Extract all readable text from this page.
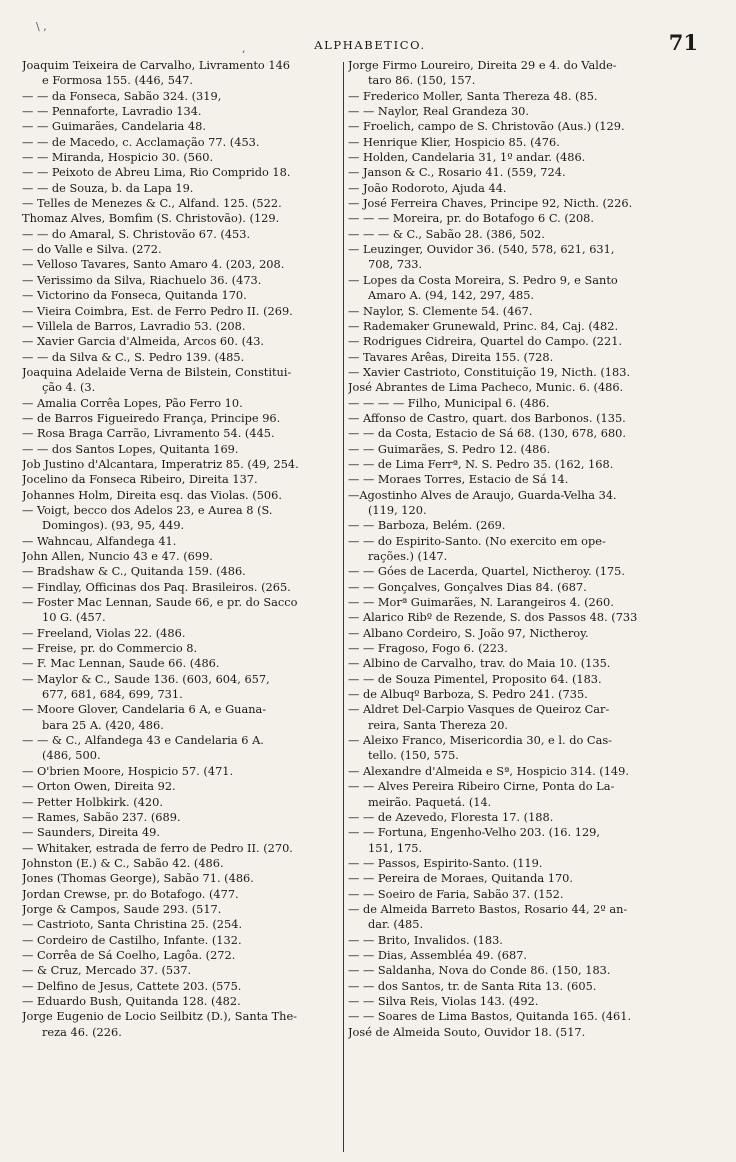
\ ,
,	ALPHABETICO.	71
Joaquim Teixeira de Carvalho, Livramento 146
e Formosa 155. (446, 547.
— — da Fonseca, Sabão 324. (319,
— — Pennaforte, Lavradio 134.
— — Guimarães, Candelaria 48.
— — de Macedo, c. Acclamação 77. (453.
— — Miranda, Hospicio 30. (560.
— — Peixoto de Abreu Lima, Rio Comprido 18.
— — de Souza, b. da Lapa 19.
— Telles de Menezes & C., Alfand. 125. (522.
Thomaz Alves, Bomfim (S. Christovão). (129.
— — do Amaral, S. Christovão 67. (453.
— do Valle e Silva. (272.
— Velloso Tavares, Santo Amaro 4. (203, 208.
— Verissimo da Silva, Riachuelo 36. (473.
— Victorino da Fonseca, Quitanda 170.
— Vieira Coimbra, Est. de Ferro Pedro II. (269.
— Villela de Barros, Lavradio 53. (208.
— Xavier Garcia d'Almeida, Arcos 60. (43.
— — da Silva & C., S. Pedro 139. (485.
Joaquina Adelaide Verna de Bilstein, Constitui-
ção 4. (3.
— Amalia Corrêa Lopes, Pão Ferro 10.
— de Barros Figueiredo França, Principe 96.
— Rosa Braga Carrão, Livramento 54. (445.
— — dos Santos Lopes, Quitanta 169.
Job Justino d'Alcantara, Imperatriz 85. (49, 254.
Jocelino da Fonseca Ribeiro, Direita 137.
Johannes Holm, Direita esq. das Violas. (506.
— Voigt, becco dos Adelos 23, e Aurea 8 (S.
Domingos). (93, 95, 449.
— Wahncau, Alfandega 41.
John Allen, Nuncio 43 e 47. (699.
— Bradshaw & C., Quitanda 159. (486.
— Findlay, Officinas dos Paq. Brasileiros. (265.
— Foster Mac Lennan, Saude 66, e pr. do Sacco
10 G. (457.
— Freeland, Violas 22. (486.
— Freise, pr. do Commercio 8.
— F. Mac Lennan, Saude 66. (486.
— Maylor & C., Saude 136. (603, 604, 657,
677, 681, 684, 699, 731.
— Moore Glover, Candelaria 6 A, e Guana-
bara 25 A. (420, 486.
— — & C., Alfandega 43 e Candelaria 6 A.
(486, 500.
— O'brien Moore, Hospicio 57. (471.
— Orton Owen, Direita 92.
— Petter Holbkirk. (420.
— Rames, Sabão 237. (689.
— Saunders, Direita 49.
— Whitaker, estrada de ferro de Pedro II. (270.
Johnston (E.) & C., Sabão 42. (486.
Jones (Thomas George), Sabão 71. (486.
Jordan Crewse, pr. do Botafogo. (477.
Jorge & Campos, Saude 293. (517.
— Castrioto, Santa Christina 25. (254.
— Cordeiro de Castilho, Infante. (132.
— Corrêa de Sá Coelho, Lagôa. (272.
— & Cruz, Mercado 37. (537.
— Delfino de Jesus, Cattete 203. (575.
— Eduardo Bush, Quitanda 128. (482.
Jorge Eugenio de Locio Seilbitz (D.), Santa The-
reza 46. (226.
Jorge Firmo Loureiro, Direita 29 e 4. do Valde-
taro 86. (150, 157.
— Frederico Moller, Santa Thereza 48. (85.
— — Naylor, Real Grandeza 30.
— Froelich, campo de S. Christovão (Aus.) (129.
— Henrique Klier, Hospicio 85. (476.
— Holden, Candelaria 31, 1º andar. (486.
— Janson & C., Rosario 41. (559, 724.
— João Rodoroto, Ajuda 44.
— José Ferreira Chaves, Principe 92, Nicth. (226.
— — — Moreira, pr. do Botafogo 6 C. (208.
— — — & C., Sabão 28. (386, 502.
— Leuzinger, Ouvidor 36. (540, 578, 621, 631,
708, 733.
— Lopes da Costa Moreira, S. Pedro 9, e Santo
Amaro A. (94, 142, 297, 485.
— Naylor, S. Clemente 54. (467.
— Rademaker Grunewald, Princ. 84, Caj. (482.
— Rodrigues Cidreira, Quartel do Campo. (221.
— Tavares Arêas, Direita 155. (728.
— Xavier Castrioto, Constituição 19, Nicth. (183.
José Abrantes de Lima Pacheco, Munic. 6. (486.
— — — — Filho, Municipal 6. (486.
— Affonso de Castro, quart. dos Barbonos. (135.
— — da Costa, Estacio de Sá 68. (130, 678, 680.
— — Guimarães, S. Pedro 12. (486.
— — de Lima Ferrª, N. S. Pedro 35. (162, 168.
— — Moraes Torres, Estacio de Sá 14.
—Agostinho Alves de Araujo, Guarda-Velha 34.
(119, 120.
— — Barboza, Belém. (269.
— — do Espirito-Santo. (No exercito em ope-
rações.) (147.
— — Góes de Lacerda, Quartel, Nictheroy. (175.
— — Gonçalves, Gonçalves Dias 84. (687.
— — Morª Guimarães, N. Larangeiros 4. (260.
— Alarico Ribº de Rezende, S. dos Passos 48. (733
— Albano Cordeiro, S. João 97, Nictheroy.
— — Fragoso, Fogo 6. (223.
— Albino de Carvalho, trav. do Maia 10. (135.
— — de Souza Pimentel, Proposito 64. (183.
— de Albuqº Barboza, S. Pedro 241. (735.
— Aldret Del-Carpio Vasques de Queiroz Car-
reira, Santa Thereza 20.
— Aleixo Franco, Misericordia 30, e l. do Cas-
tello. (150, 575.
— Alexandre d'Almeida e Sª, Hospicio 314. (149.
— — Alves Pereira Ribeiro Cirne, Ponta do La-
meirão. Paquetá. (14.
— — de Azevedo, Floresta 17. (188.
— — Fortuna, Engenho-Velho 203. (16. 129,
151, 175.
— — Passos, Espirito-Santo. (119.
— — Pereira de Moraes, Quitanda 170.
— — Soeiro de Faria, Sabão 37. (152.
— de Almeida Barreto Bastos, Rosario 44, 2º an-
dar. (485.
— — Brito, Invalidos. (183.
— — Dias, Assembléa 49. (687.
— — Saldanha, Nova do Conde 86. (150, 183.
— — dos Santos, tr. de Santa Rita 13. (605.
— — Silva Reis, Violas 143. (492.
— — Soares de Lima Bastos, Quitanda 165. (461.
José de Almeida Souto, Ouvidor 18. (517.
